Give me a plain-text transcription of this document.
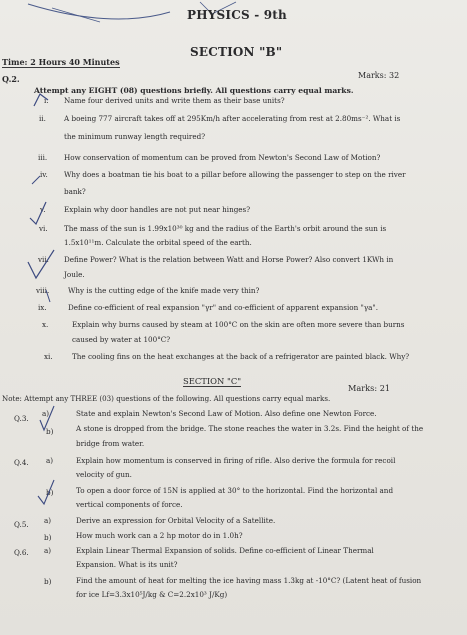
PHYSICS - 9th
SECTION "B"
Time: 2 Hours 40 Minutes
Marks: 32
Q.2.
Attempt any EIGHT (08) questions briefly. All questions carry equal marks.
i. Name four derived units and write them as their base units?
ii.	A boeing 777 aircraft takes off at 295Km/h after accelerating from rest at 2.80ms⁻². What is
the minimum runway length required?
iii. How conservation of momentum can be proved from Newton's Second Law of Motion?
iv. Why does a boatman tie his boat to a pillar before allowing the passenger to step on the river
bank?
v.	Explain why door handles are not put near hinges?
vi. The mass of the sun is 1.99x10³⁰ kg and the radius of the Earth's orbit around the sun is
1.5x10¹¹m. Calculate the orbital speed of the earth.
vii. Define Power? What is the relation between Watt and Horse Power? Also convert 1KWh in
Joule.
viii.	Why is the cutting edge of the knife made very thin?
ix.	Define co-efficient of real expansion "γr" and co-efficient of apparent expansion "γa".
x.	Explain why burns caused by steam at 100°C on the skin are often more severe than burns
caused by water at 100°C?
xi.	The cooling fins on the heat exchanges at the back of a refrigerator are painted black. Why?
SECTION "C"
Marks: 21
Note: Attempt any THREE (03) questions of the following. All questions carry equal marks.
Q.3.
a)	State and explain Newton's Second Law of Motion. Also define one Newton Force.
b)	A stone is dropped from the bridge. The stone reaches the water in 3.2s. Find the height of the
bridge from water.
Q.4. a)	Explain how momentum is conserved in firing of rifle. Also derive the formula for recoil
velocity of gun.
b)	To open a door force of 15N is applied at 30° to the horizontal. Find the horizontal and
vertical components of force.
Q.5. a)	Derive an expression for Orbital Velocity of a Satellite.
b)	How much work can a 2 hp motor do in 1.0h?
Q.6. a)	Explain Linear Thermal Expansion of solids. Define co-efficient of Linear Thermal
Expansion. What is its unit?
b)	Find the amount of heat for melting the ice having mass 1.3kg at -10°C? (Latent heat of fusion
for ice Lf=3.3x10⁵J/kg & C=2.2x10³ J/Kg)
